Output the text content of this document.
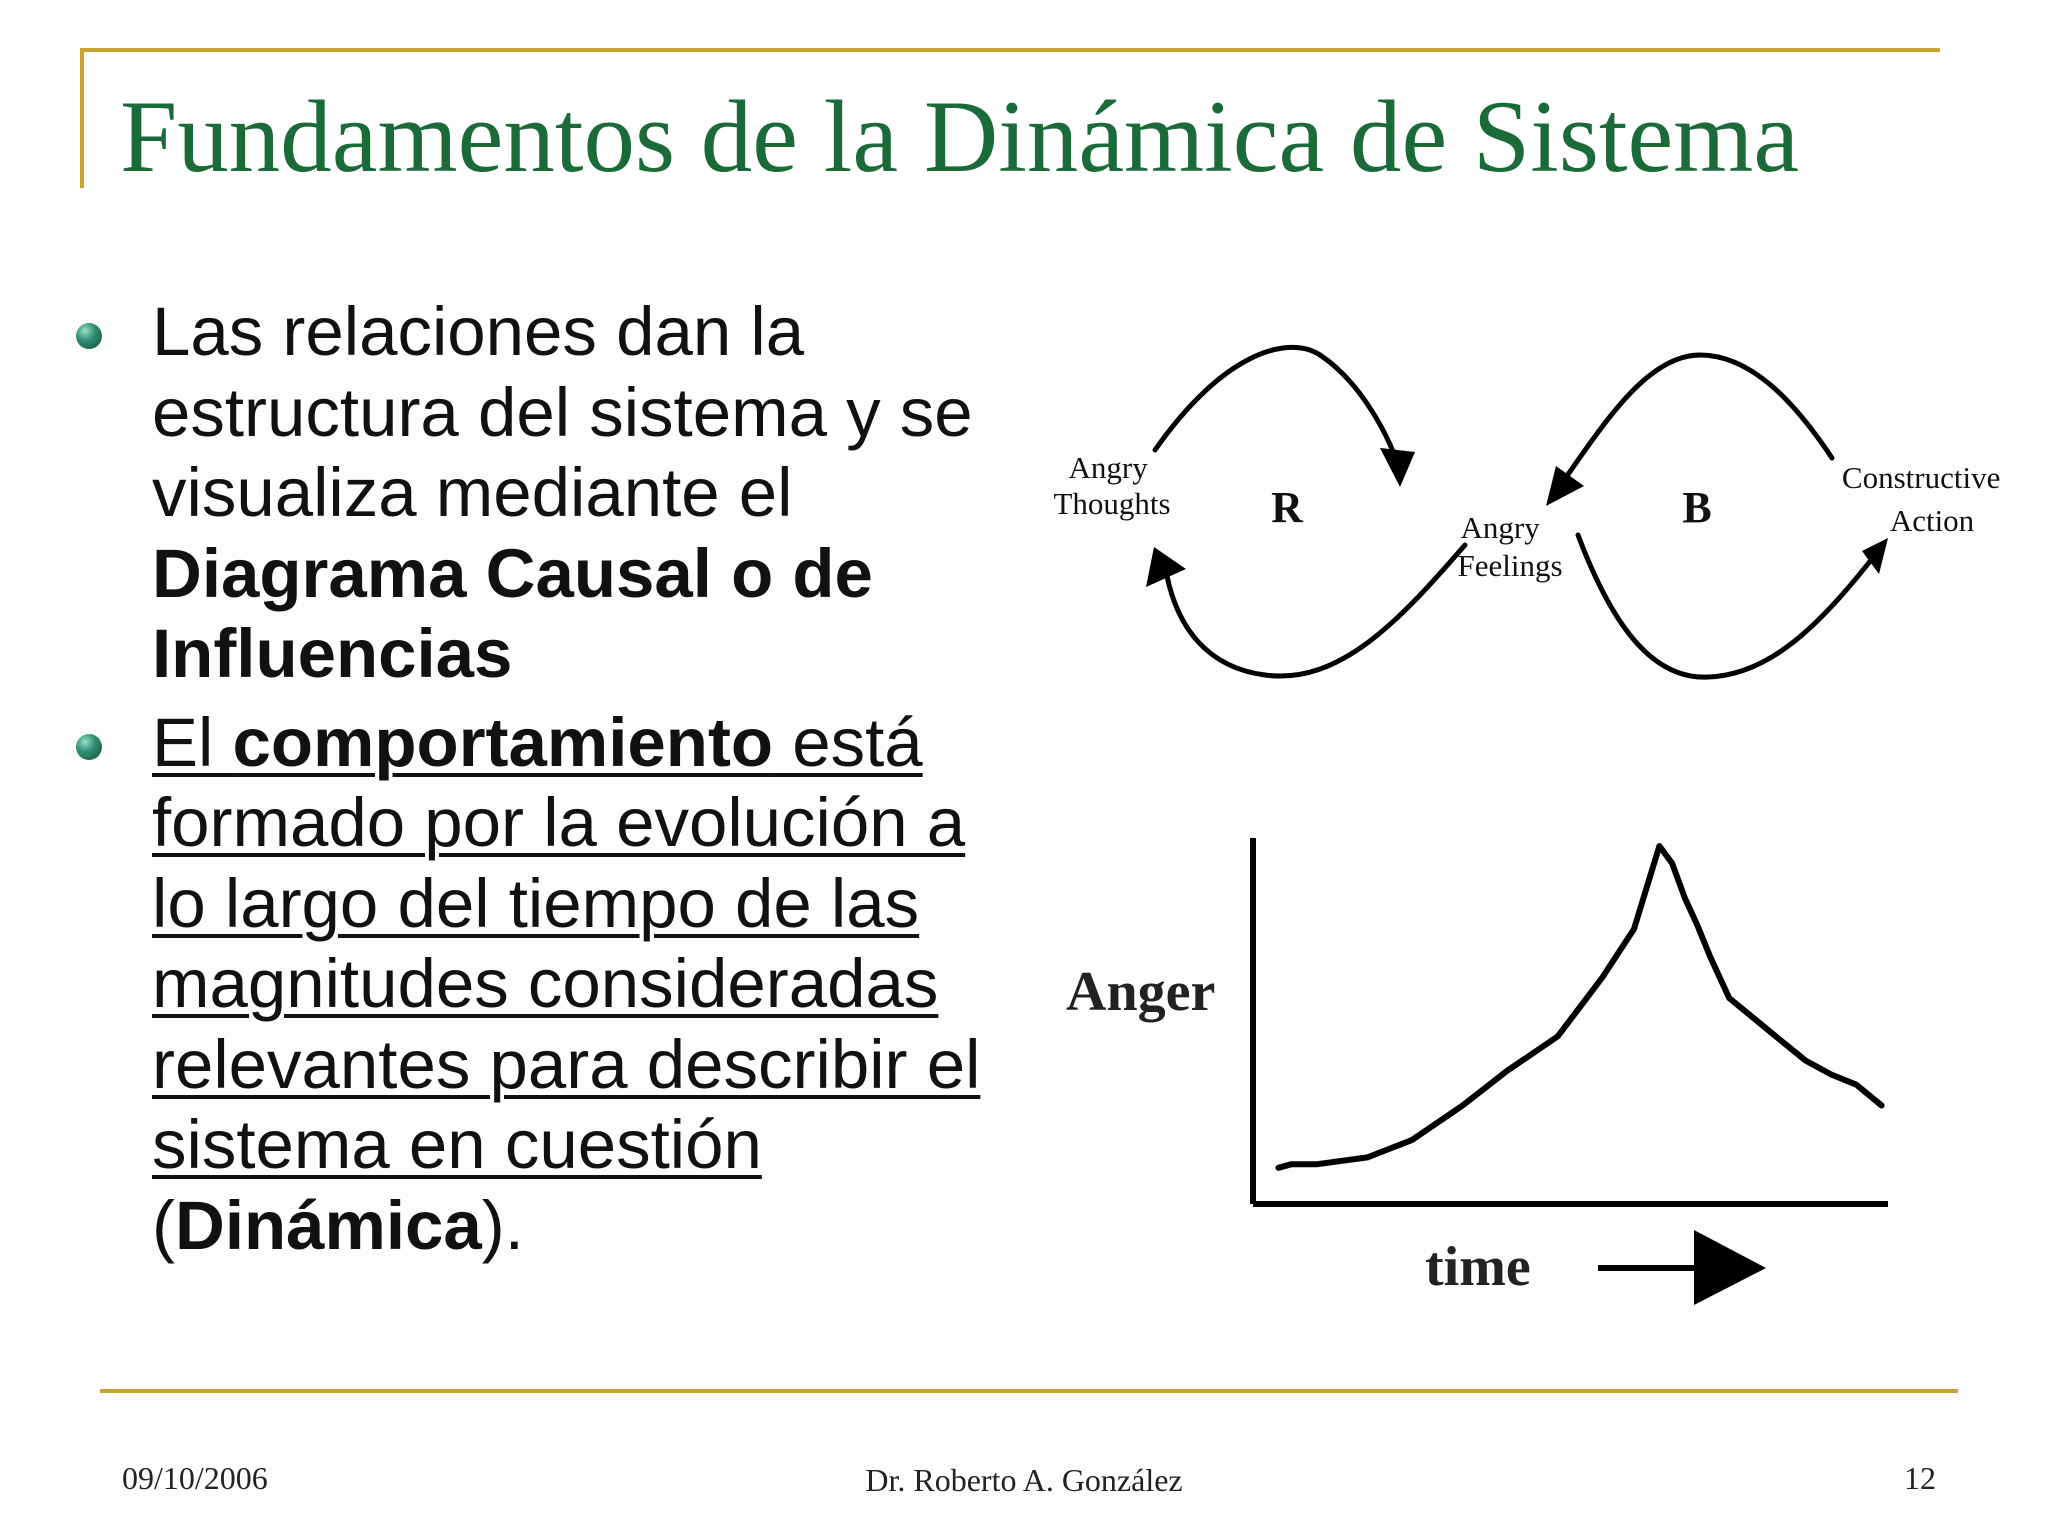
Fundamentos de la Dinámica de Sistema
Las relaciones dan la estructura del sistema y se visualiza mediante el Diagrama Causal o de Influencias
El comportamiento está formado por la evolución a lo largo del tiempo de las magnitudes consideradas relevantes para describir el sistema en cuestión (Dinámica).
Angry Thoughts
Angry Feelings
Constructive Action
R	B
Anger
time
09/10/2006	Dr. Roberto A. González	12
